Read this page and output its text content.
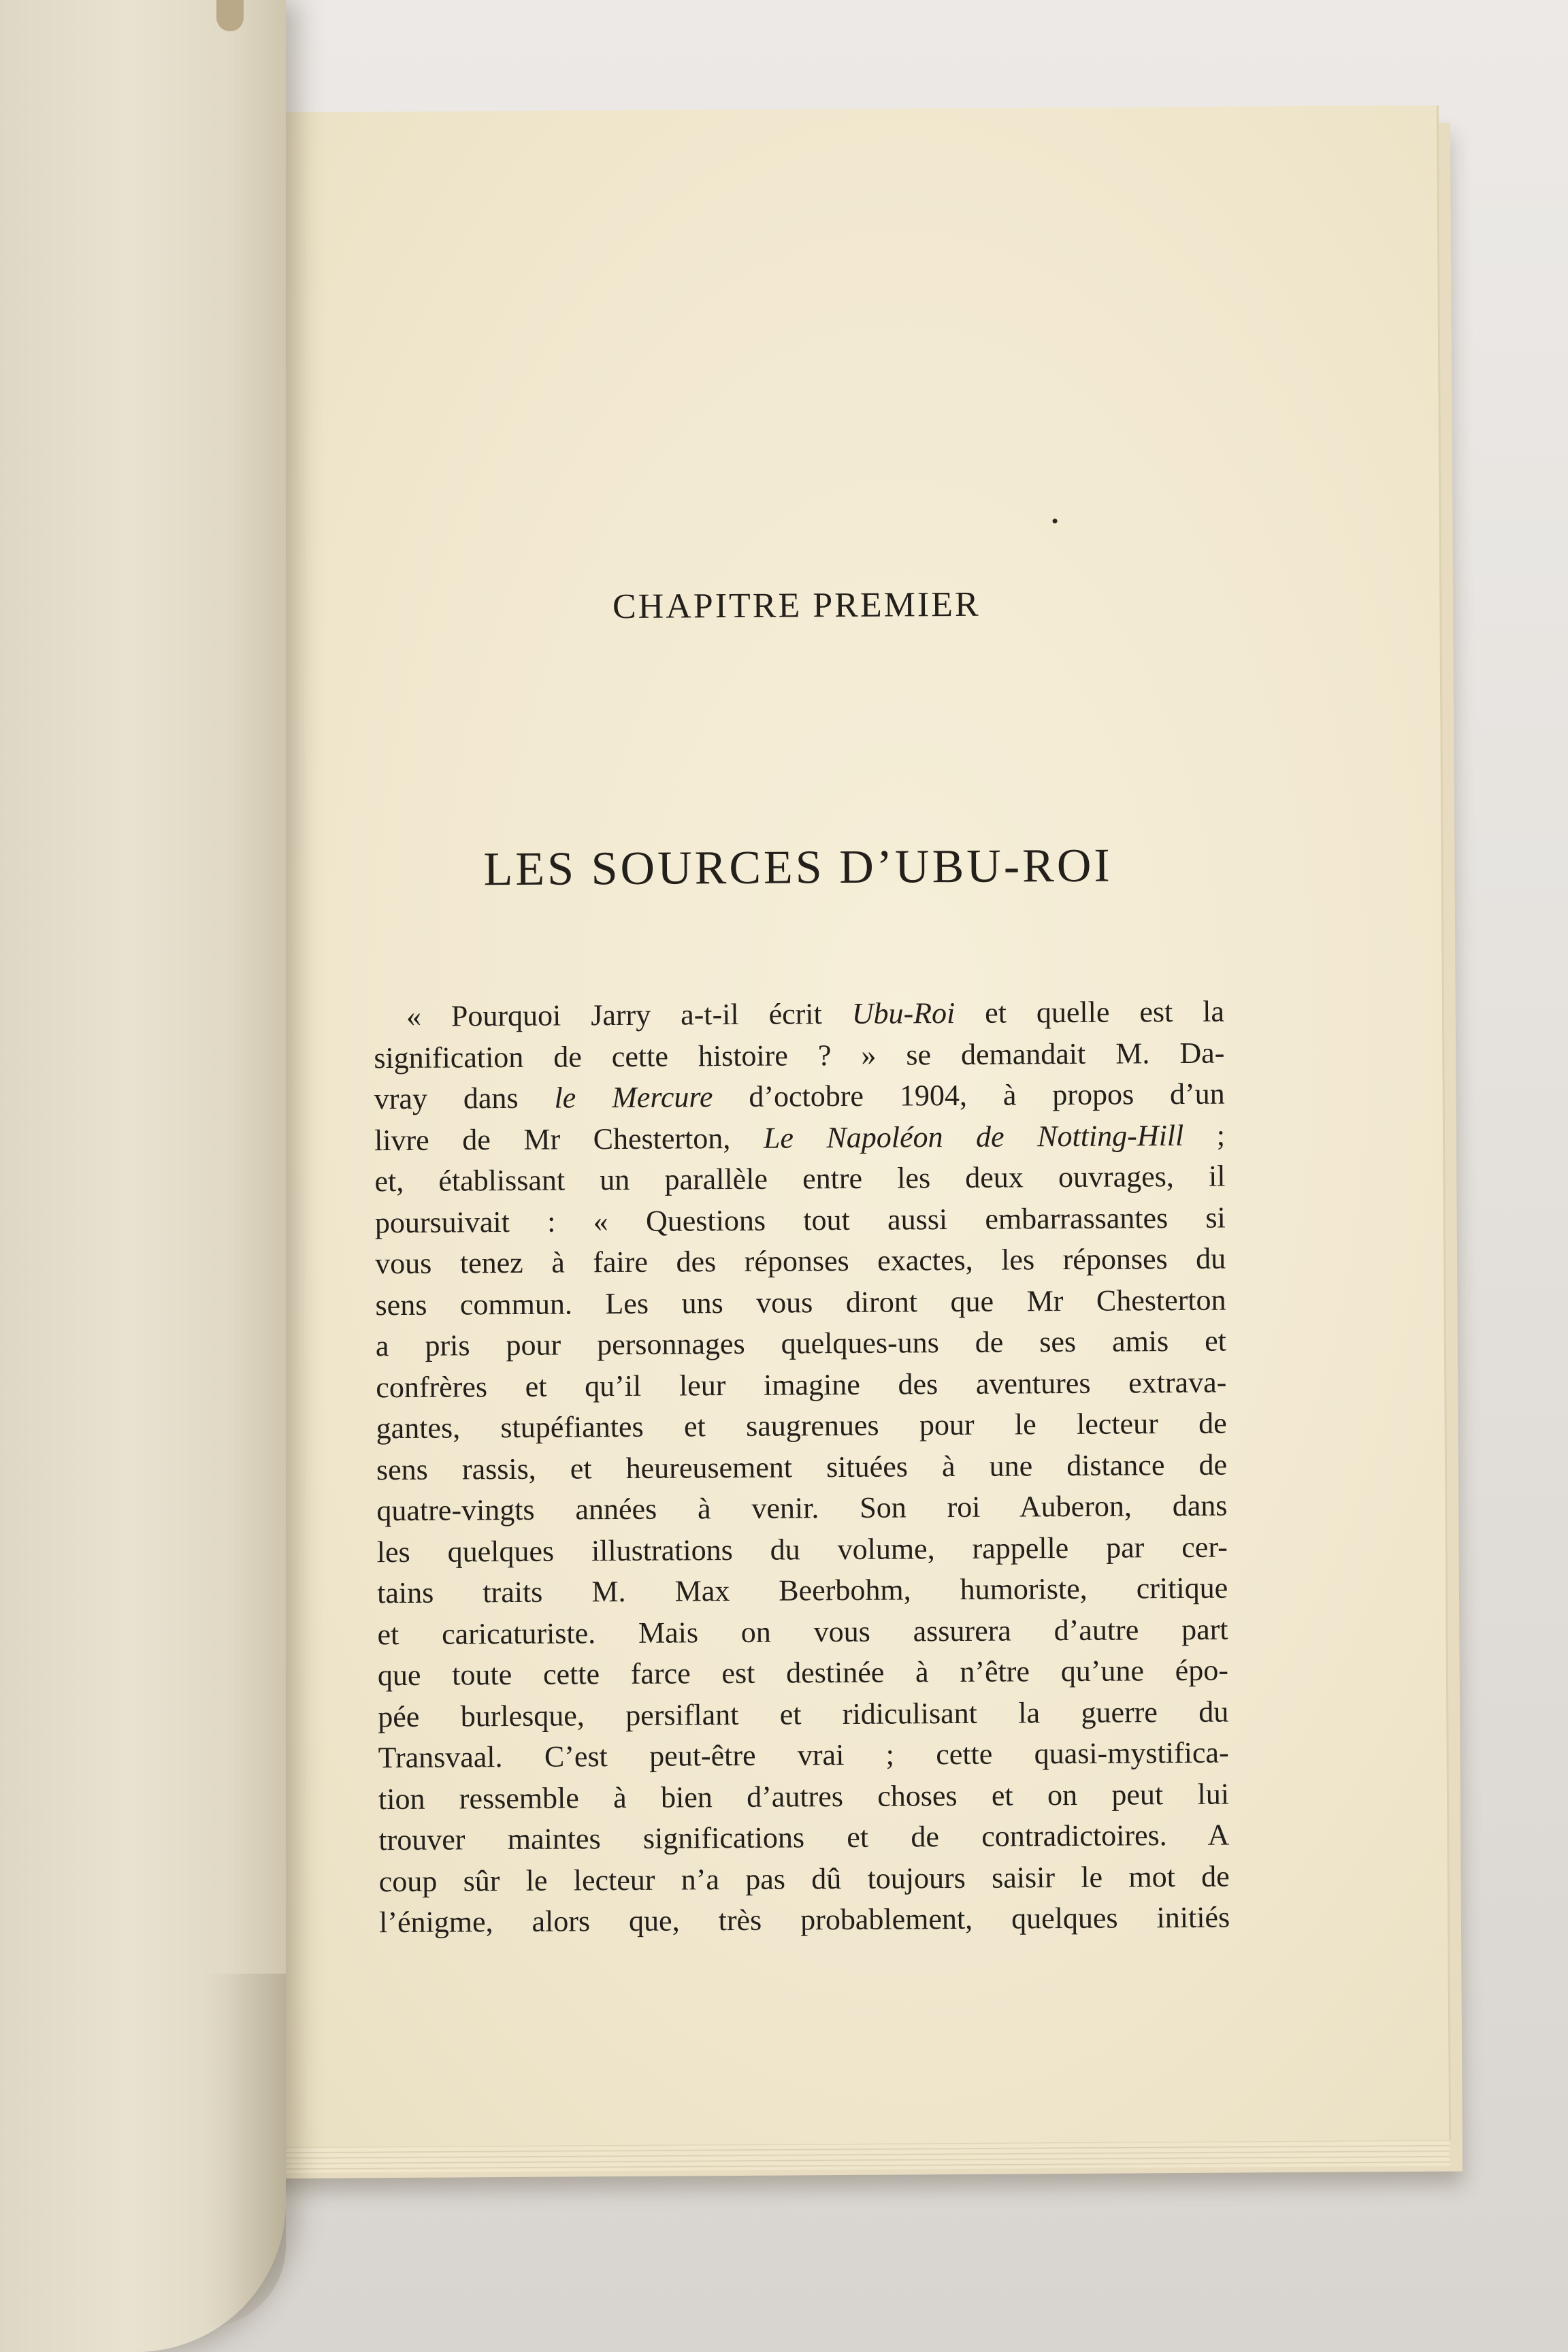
CHAPITRE PREMIER
LES SOURCES D’UBU-ROI
« Pourquoi Jarry a-t-il écrit Ubu-Roi et quelle est la
signification de cette histoire ? » se demandait M. Da-
vray dans le Mercure d’octobre 1904, à propos d’un
livre de Mr Chesterton, Le Napoléon de Notting-Hill ;
et, établissant un parallèle entre les deux ouvrages, il
poursuivait : « Questions tout aussi embarrassantes si
vous tenez à faire des réponses exactes, les réponses du
sens commun. Les uns vous diront que Mr Chesterton
a pris pour personnages quelques-uns de ses amis et
confrères et qu’il leur imagine des aventures extrava-
gantes, stupéfiantes et saugrenues pour le lecteur de
sens rassis, et heureusement situées à une distance de
quatre-vingts années à venir. Son roi Auberon, dans
les quelques illustrations du volume, rappelle par cer-
tains traits M. Max Beerbohm, humoriste, critique
et caricaturiste. Mais on vous assurera d’autre part
que toute cette farce est destinée à n’être qu’une épo-
pée burlesque, persiflant et ridiculisant la guerre du
Transvaal. C’est peut-être vrai ; cette quasi-mystifica-
tion ressemble à bien d’autres choses et on peut lui
trouver maintes significations et de contradictoires. A
coup sûr le lecteur n’a pas dû toujours saisir le mot de
l’énigme, alors que, très probablement, quelques initiés
